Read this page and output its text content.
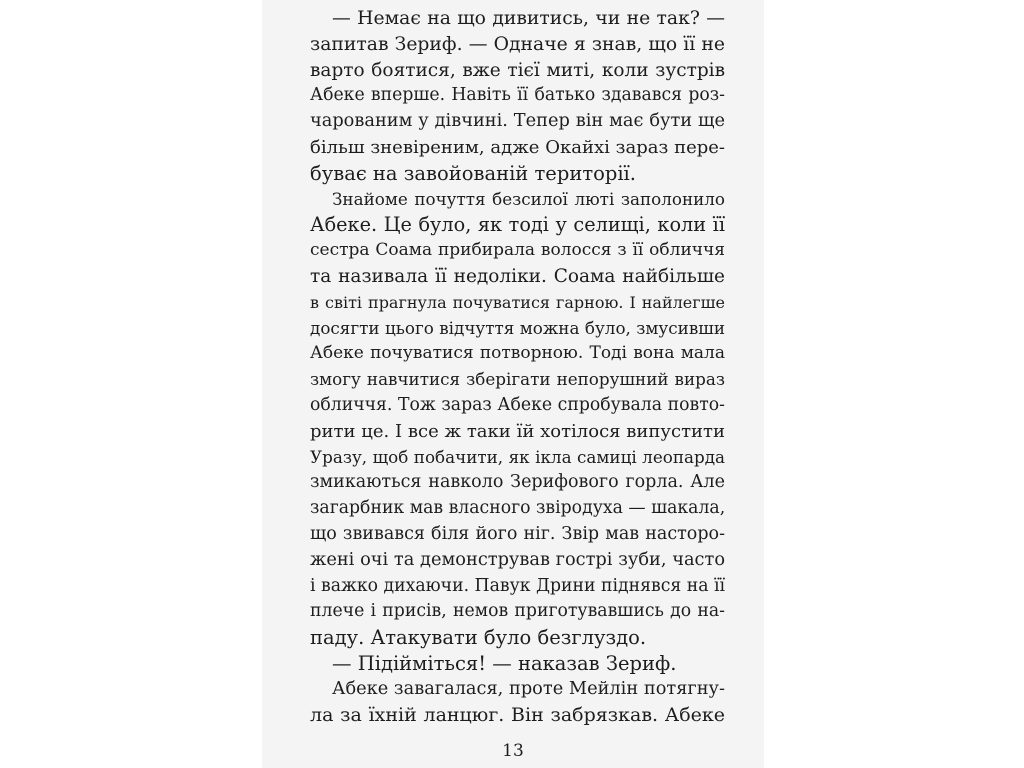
— Немає на що дивитись, чи не так? —
запитав Зериф. — Одначе я знав, що її не
варто боятися, вже тієї миті, коли зустрів
Абеке вперше. Навіть її батько здавався роз-
чарованим у дівчині. Тепер він має бути ще
більш зневіреним, адже Окайхі зараз пере-
буває на завойованій території.
Знайоме почуття безсилої люті заполонило
Абеке. Це було, як тоді у селищі, коли її
сестра Соама прибирала волосся з її обличчя
та називала її недоліки. Соама найбільше
в світі прагнула почуватися гарною. І найлегше
досягти цього відчуття можна було, змусивши
Абеке почуватися потворною. Тоді вона мала
змогу навчитися зберігати непорушний вираз
обличчя. Тож зараз Абеке спробувала повто-
рити це. І все ж таки їй хотілося випустити
Уразу, щоб побачити, як ікла самиці леопарда
змикаються навколо Зерифового горла. Але
загарбник мав власного звіродуха — шакала,
що звивався біля його ніг. Звір мав насторо-
жені очі та демонстрував гострі зуби, часто
і важко дихаючи. Павук Дрини піднявся на її
плече і присів, немов приготувавшись до на-
паду. Атакувати було безглуздо.
— Підійміться! — наказав Зериф.
Абеке завагалася, проте Мейлін потягну-
ла за їхній ланцюг. Він забрязкав. Абеке
13
